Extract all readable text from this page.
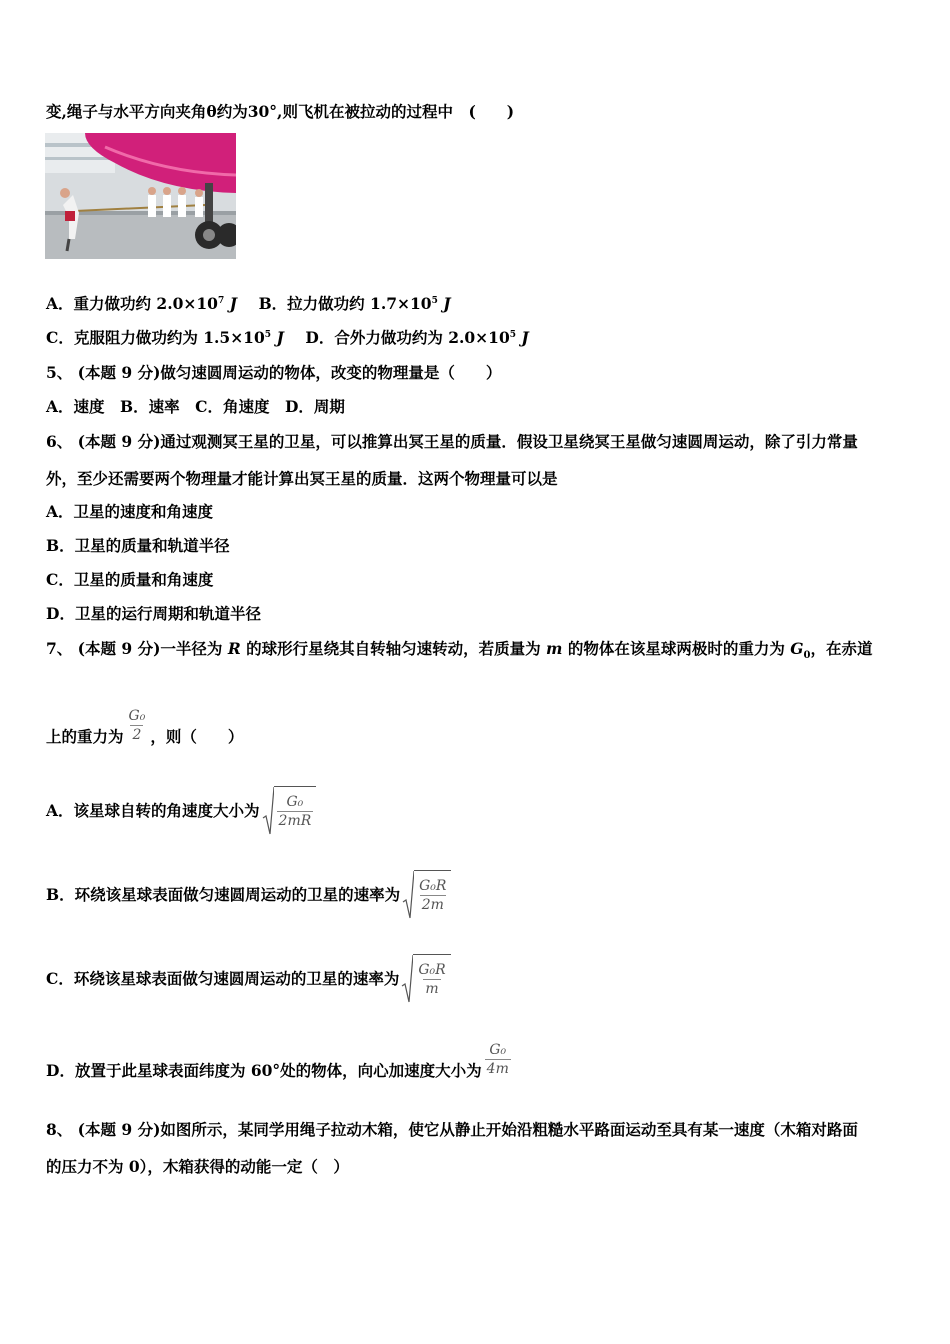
变,绳子与水平方向夹角θ约为30°,则飞机在被拉动的过程中　(　　)
A．重力做功约 $2.0\times 10^7$ J B．拉力做功约 $1.7\times 10^5$ J
C．克服阻力做功约为 $1.5\times 10^5$ J D．合外力做功约为 $2.0\times 10^5$ J
5、 (本题 9 分)做匀速圆周运动的物体，改变的物理量是（　　）
A．速度　B．速率　C．角速度　D．周期
6、 (本题 9 分)通过观测冥王星的卫星，可以推算出冥王星的质量．假设卫星绕冥王星做匀速圆周运动，除了引力常量
外，至少还需要两个物理量才能计算出冥王星的质量．这两个物理量可以是
A．卫星的速度和角速度
B．卫星的质量和轨道半径
C．卫星的质量和角速度
D．卫星的运行周期和轨道半径
7、 (本题 9 分)一半径为 R 的球形行星绕其自转轴匀速转动，若质量为 m 的物体在该星球两极时的重力为 $G_0$，在赤道
上的重力为 $\frac{\text{G₀}}{2}$ ，则（　　）
A．该星球自转的角速度大小为 $\frac{\text{G₀}}{2mR}$
B．环绕该星球表面做匀速圆周运动的卫星的速率为 $\frac{\text{G₀R}}{2m}$
C．环绕该星球表面做匀速圆周运动的卫星的速率为 $\frac{\text{G₀R}}{m}$
D．放置于此星球表面纬度为 60°处的物体，向心加速度大小为 $\frac{\text{G₀}}{4m}$
8、 (本题 9 分)如图所示，某同学用绳子拉动木箱，使它从静止开始沿粗糙水平路面运动至具有某一速度（木箱对路面
的压力不为 0），木箱获得的动能一定（　）
